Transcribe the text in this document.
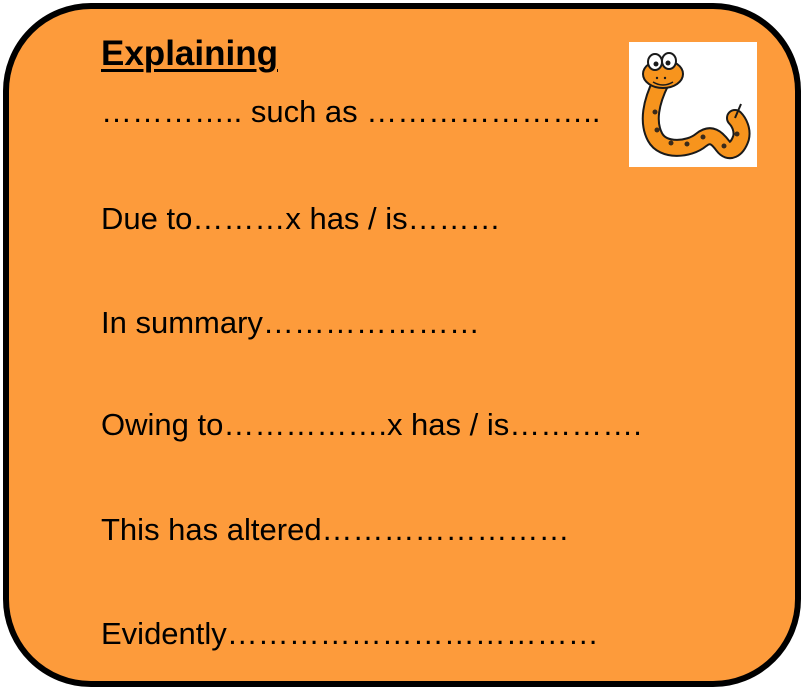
Explaining
………….. such as …………………..
Due to………x has / is………
In summary…………………
Owing to…………….x has / is………….
This has altered……………………
Evidently………………………………
